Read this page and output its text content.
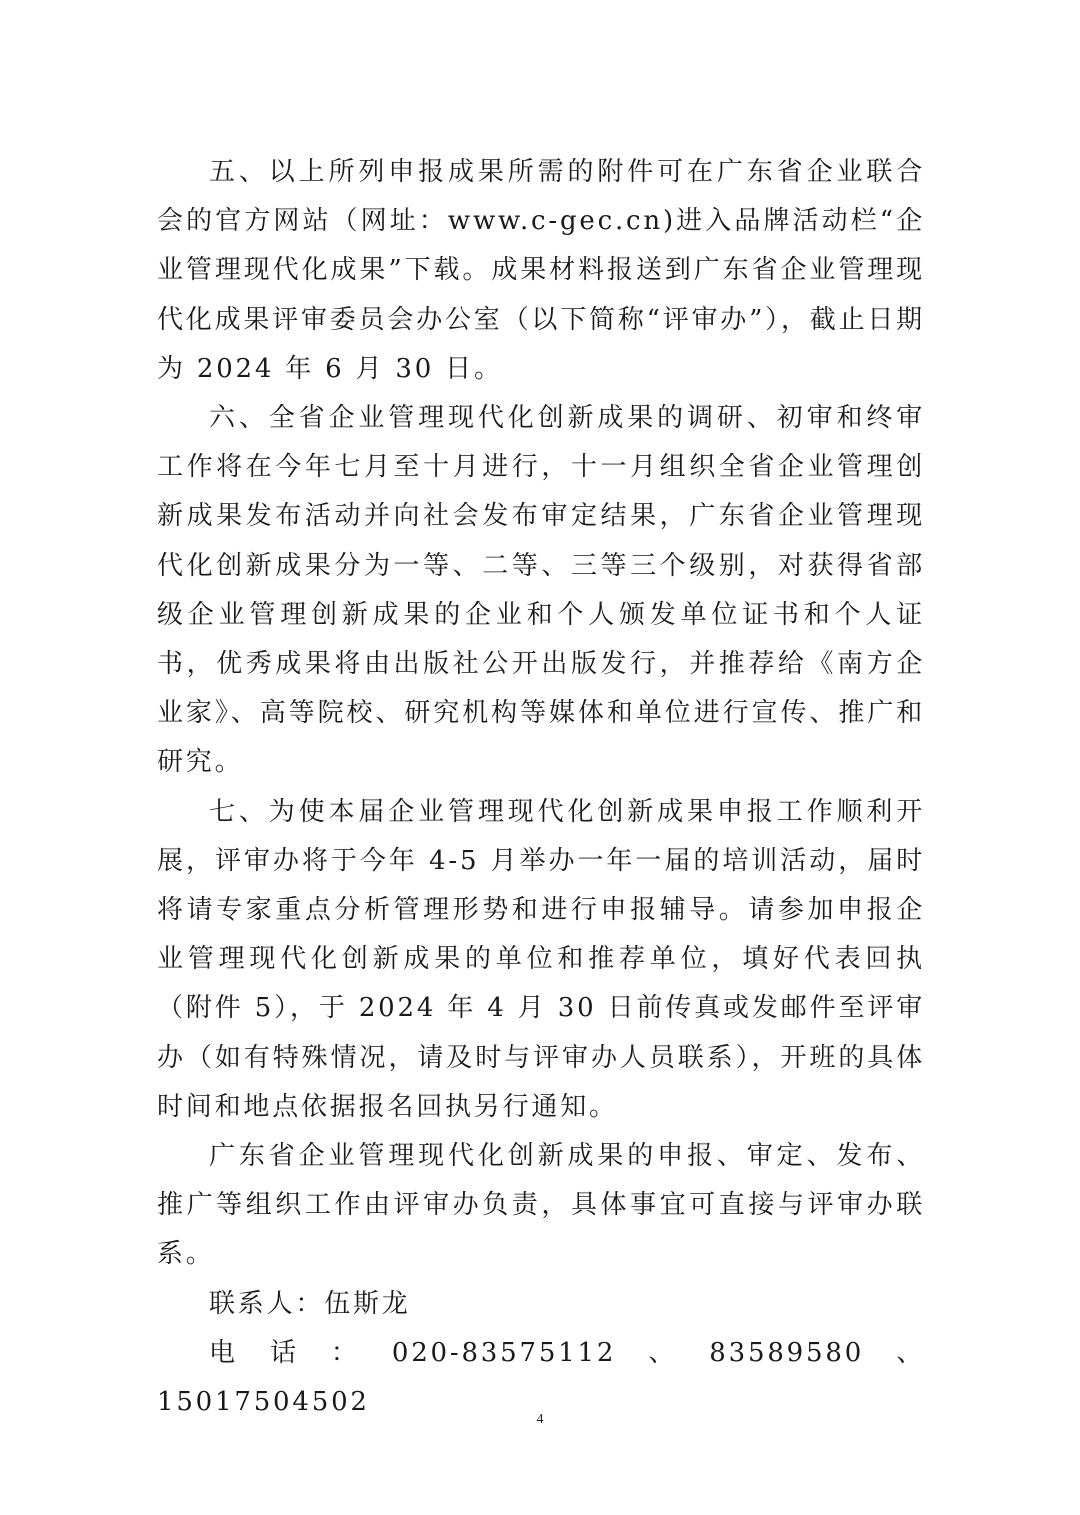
五、以上所列申报成果所需的附件可在广东省企业联合会的官方网站（网址：www.c-gec.cn)进入品牌活动栏“企业管理现代化成果”下载。成果材料报送到广东省企业管理现代化成果评审委员会办公室（以下简称“评审办”），截止日期为 2024 年 6 月 30 日。

六、全省企业管理现代化创新成果的调研、初审和终审工作将在今年七月至十月进行，十一月组织全省企业管理创新成果发布活动并向社会发布审定结果，广东省企业管理现代化创新成果分为一等、二等、三等三个级别，对获得省部级企业管理创新成果的企业和个人颁发单位证书和个人证书，优秀成果将由出版社公开出版发行，并推荐给《南方企业家》、高等院校、研究机构等媒体和单位进行宣传、推广和研究。

七、为使本届企业管理现代化创新成果申报工作顺利开展，评审办将于今年 4-5 月举办一年一届的培训活动，届时将请专家重点分析管理形势和进行申报辅导。请参加申报企业管理现代化创新成果的单位和推荐单位，填好代表回执（附件 5），于 2024 年 4 月 30 日前传真或发邮件至评审办（如有特殊情况，请及时与评审办人员联系），开班的具体时间和地点依据报名回执另行通知。

广东省企业管理现代化创新成果的申报、审定、发布、推广等组织工作由评审办负责，具体事宜可直接与评审办联系。

联系人：伍斯龙

电话：020-83575112、83589580、15017504502

4
